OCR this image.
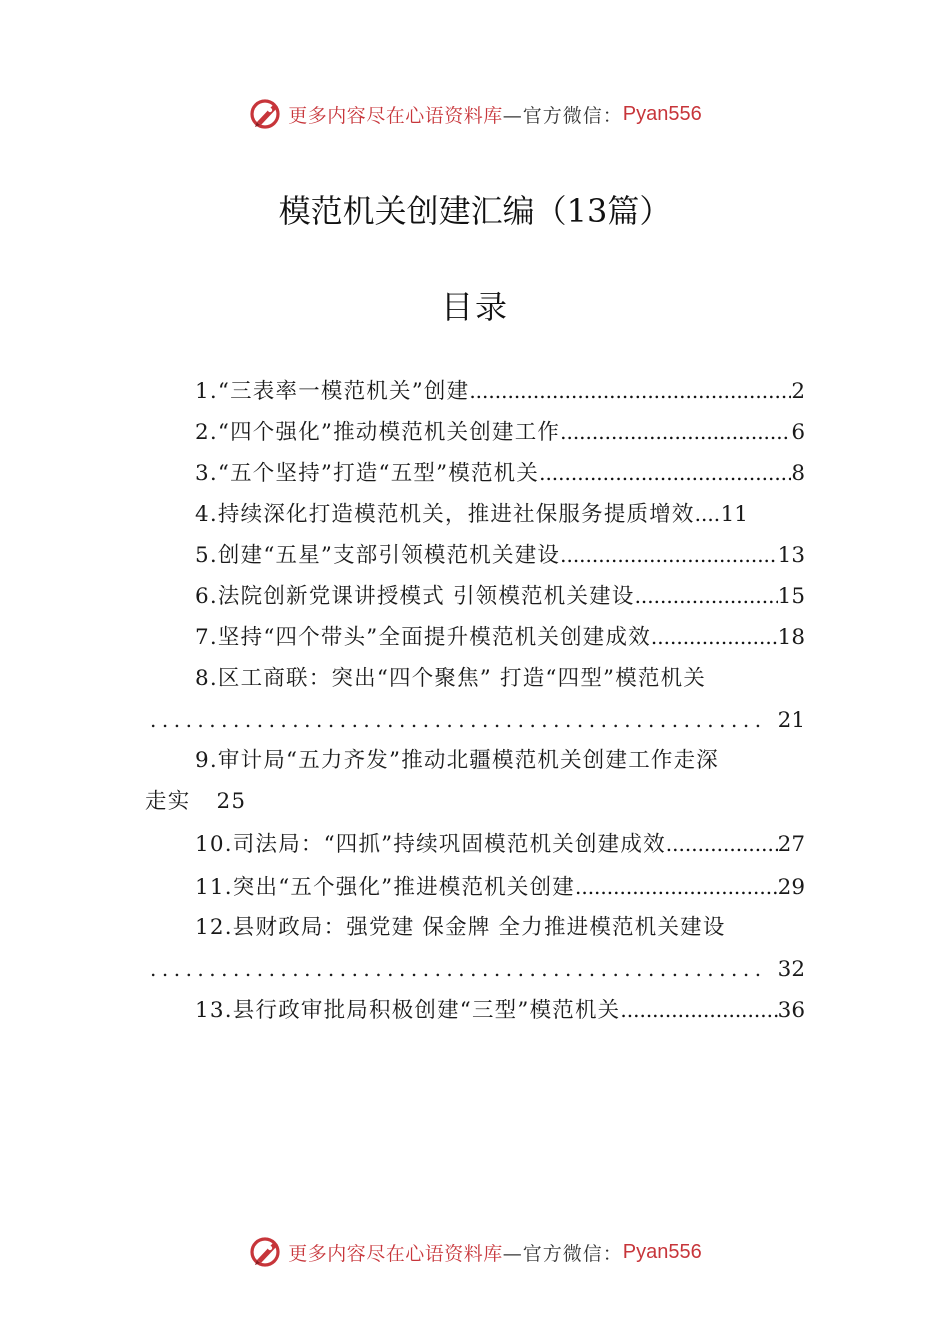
更多内容尽在心语资料库 —官方微信： Pyan556
模范机关创建汇编（13篇）
目录
1.“三表率一模范机关”创建 .....	2
2.“四个强化”推动模范机关创建工作 .....	6
3.“五个坚持”打造“五型”模范机关 .....	8
4.持续深化打造模范机关，推进社保服务提质增效 ..... 11
5.创建“五星”支部引领模范机关建设 .....	13
6.法院创新党课讲授模式 引领模范机关建设 .....	15
7.坚持“四个带头”全面提升模范机关创建成效 .....	18
8.区工商联：突出“四个聚焦” 打造“四型”模范机关
.....
21
9.审计局“五力齐发”推动北疆模范机关创建工作走深
走实 25
10.司法局：“四抓”持续巩固模范机关创建成效 .....	27
11.突出“五个强化”推进模范机关创建 .....	29
12.县财政局：强党建 保金牌 全力推进模范机关建设
.....
32
13.县行政审批局积极创建“三型”模范机关 .....	36
更多内容尽在心语资料库 —官方微信： Pyan556
